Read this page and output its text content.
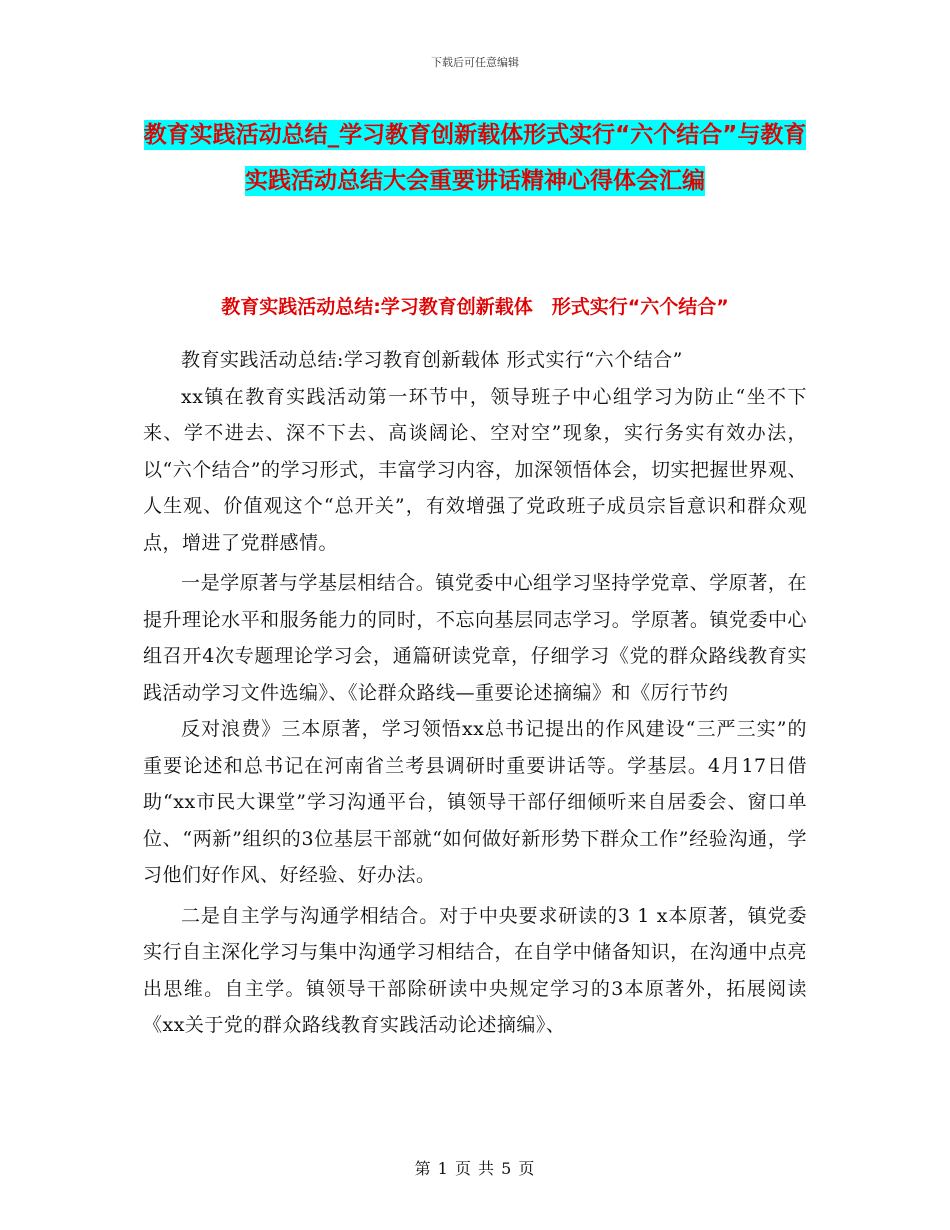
下载后可任意编辑
教育实践活动总结_学习教育创新载体形式实行“六个结合”与教育实践活动总结大会重要讲话精神心得体会汇编
教育实践活动总结:学习教育创新载体　形式实行“六个结合”

教育实践活动总结:学习教育创新载体 形式实行“六个结合”

xx镇在教育实践活动第一环节中，领导班子中心组学习为防止“坐不下来、学不进去、深不下去、高谈阔论、空对空”现象，实行务实有效办法，以“六个结合”的学习形式，丰富学习内容，加深领悟体会，切实把握世界观、人生观、价值观这个“总开关”，有效增强了党政班子成员宗旨意识和群众观点，增进了党群感情。

一是学原著与学基层相结合。镇党委中心组学习坚持学党章、学原著，在提升理论水平和服务能力的同时，不忘向基层同志学习。学原著。镇党委中心组召开4次专题理论学习会，通篇研读党章，仔细学习《党的群众路线教育实践活动学习文件选编》、《论群众路线—重要论述摘编》和《厉行节约

反对浪费》三本原著，学习领悟xx总书记提出的作风建设“三严三实”的重要论述和总书记在河南省兰考县调研时重要讲话等。学基层。4月17日借助“xx市民大课堂”学习沟通平台，镇领导干部仔细倾听来自居委会、窗口单位、“两新”组织的3位基层干部就“如何做好新形势下群众工作”经验沟通，学习他们好作风、好经验、好办法。

二是自主学与沟通学相结合。对于中央要求研读的3 1 x本原著，镇党委实行自主深化学习与集中沟通学习相结合，在自学中储备知识，在沟通中点亮出思维。自主学。镇领导干部除研读中央规定学习的3本原著外，拓展阅读《xx关于党的群众路线教育实践活动论述摘编》、

第 1 页 共 5 页
